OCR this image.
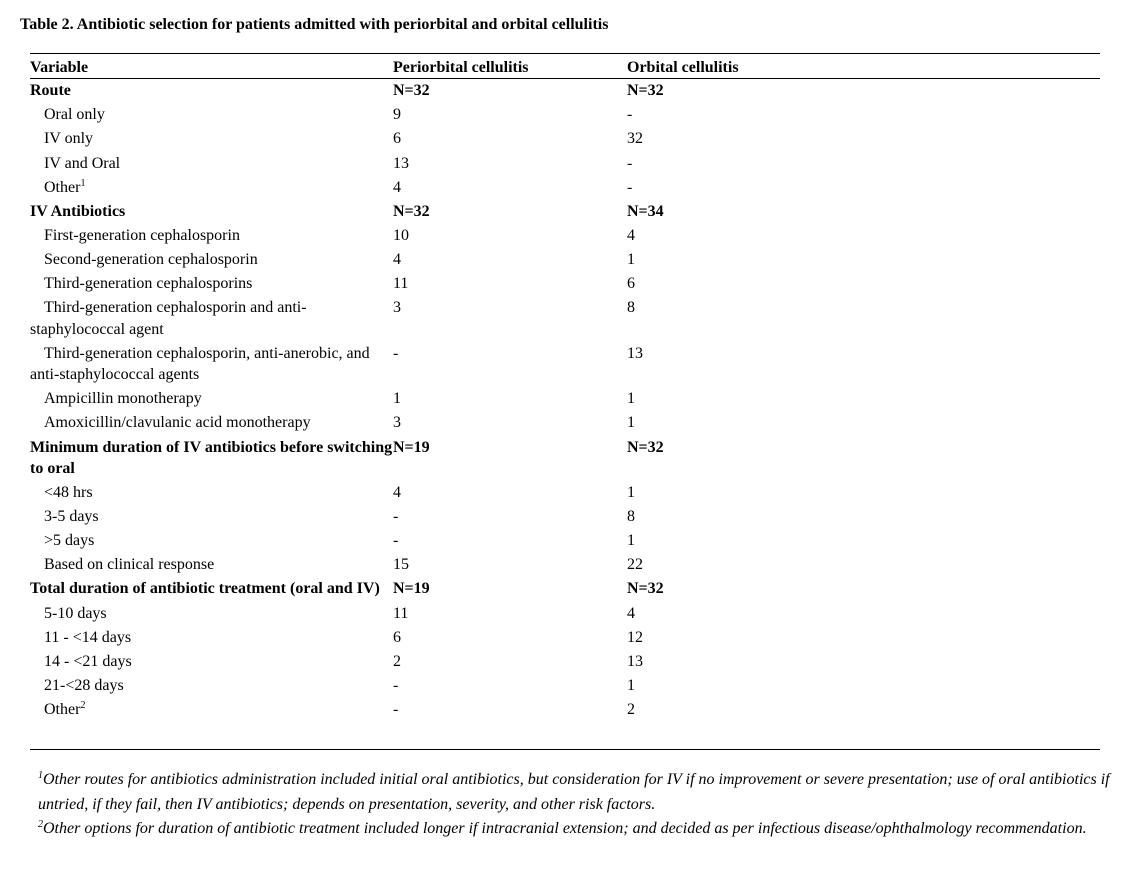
Table 2. Antibiotic selection for patients admitted with periorbital and orbital cellulitis
Variable	Periorbital cellulitis	Orbital cellulitis
Route	N=32	N=32
Oral only	9	-
IV only	6	32
IV and Oral	13	-
Other$^1$	4	-
IV Antibiotics	N=32	N=34
First-generation cephalosporin	10	4
Second-generation cephalosporin	4	1
Third-generation cephalosporins	11	6
Third-generation cephalosporin and anti-staphylococcal agent	3	8
Third-generation cephalosporin, anti-anerobic, and anti-staphylococcal agents	-	13
Ampicillin monotherapy	1	1
Amoxicillin/clavulanic acid monotherapy	3	1
Minimum duration of IV antibiotics before switching to oral	N=19	N=32
<48 hrs	4	1
3-5 days	-	8
>5 days	-	1
Based on clinical response	15	22
Total duration of antibiotic treatment (oral and IV)	N=19	N=32
5-10 days	11	4
11 - <14 days	6	12
14 - <21 days	2	13
21-<28 days	-	1
Other$^2$	-	2

$^1$Other routes for antibiotics administration included initial oral antibiotics, but consideration for IV if no improvement or severe presentation; use of oral antibiotics if untried, if they fail, then IV antibiotics; depends on presentation, severity, and other risk factors.

$^2$Other options for duration of antibiotic treatment included longer if intracranial extension; and decided as per infectious disease/ophthalmology recommendation.
